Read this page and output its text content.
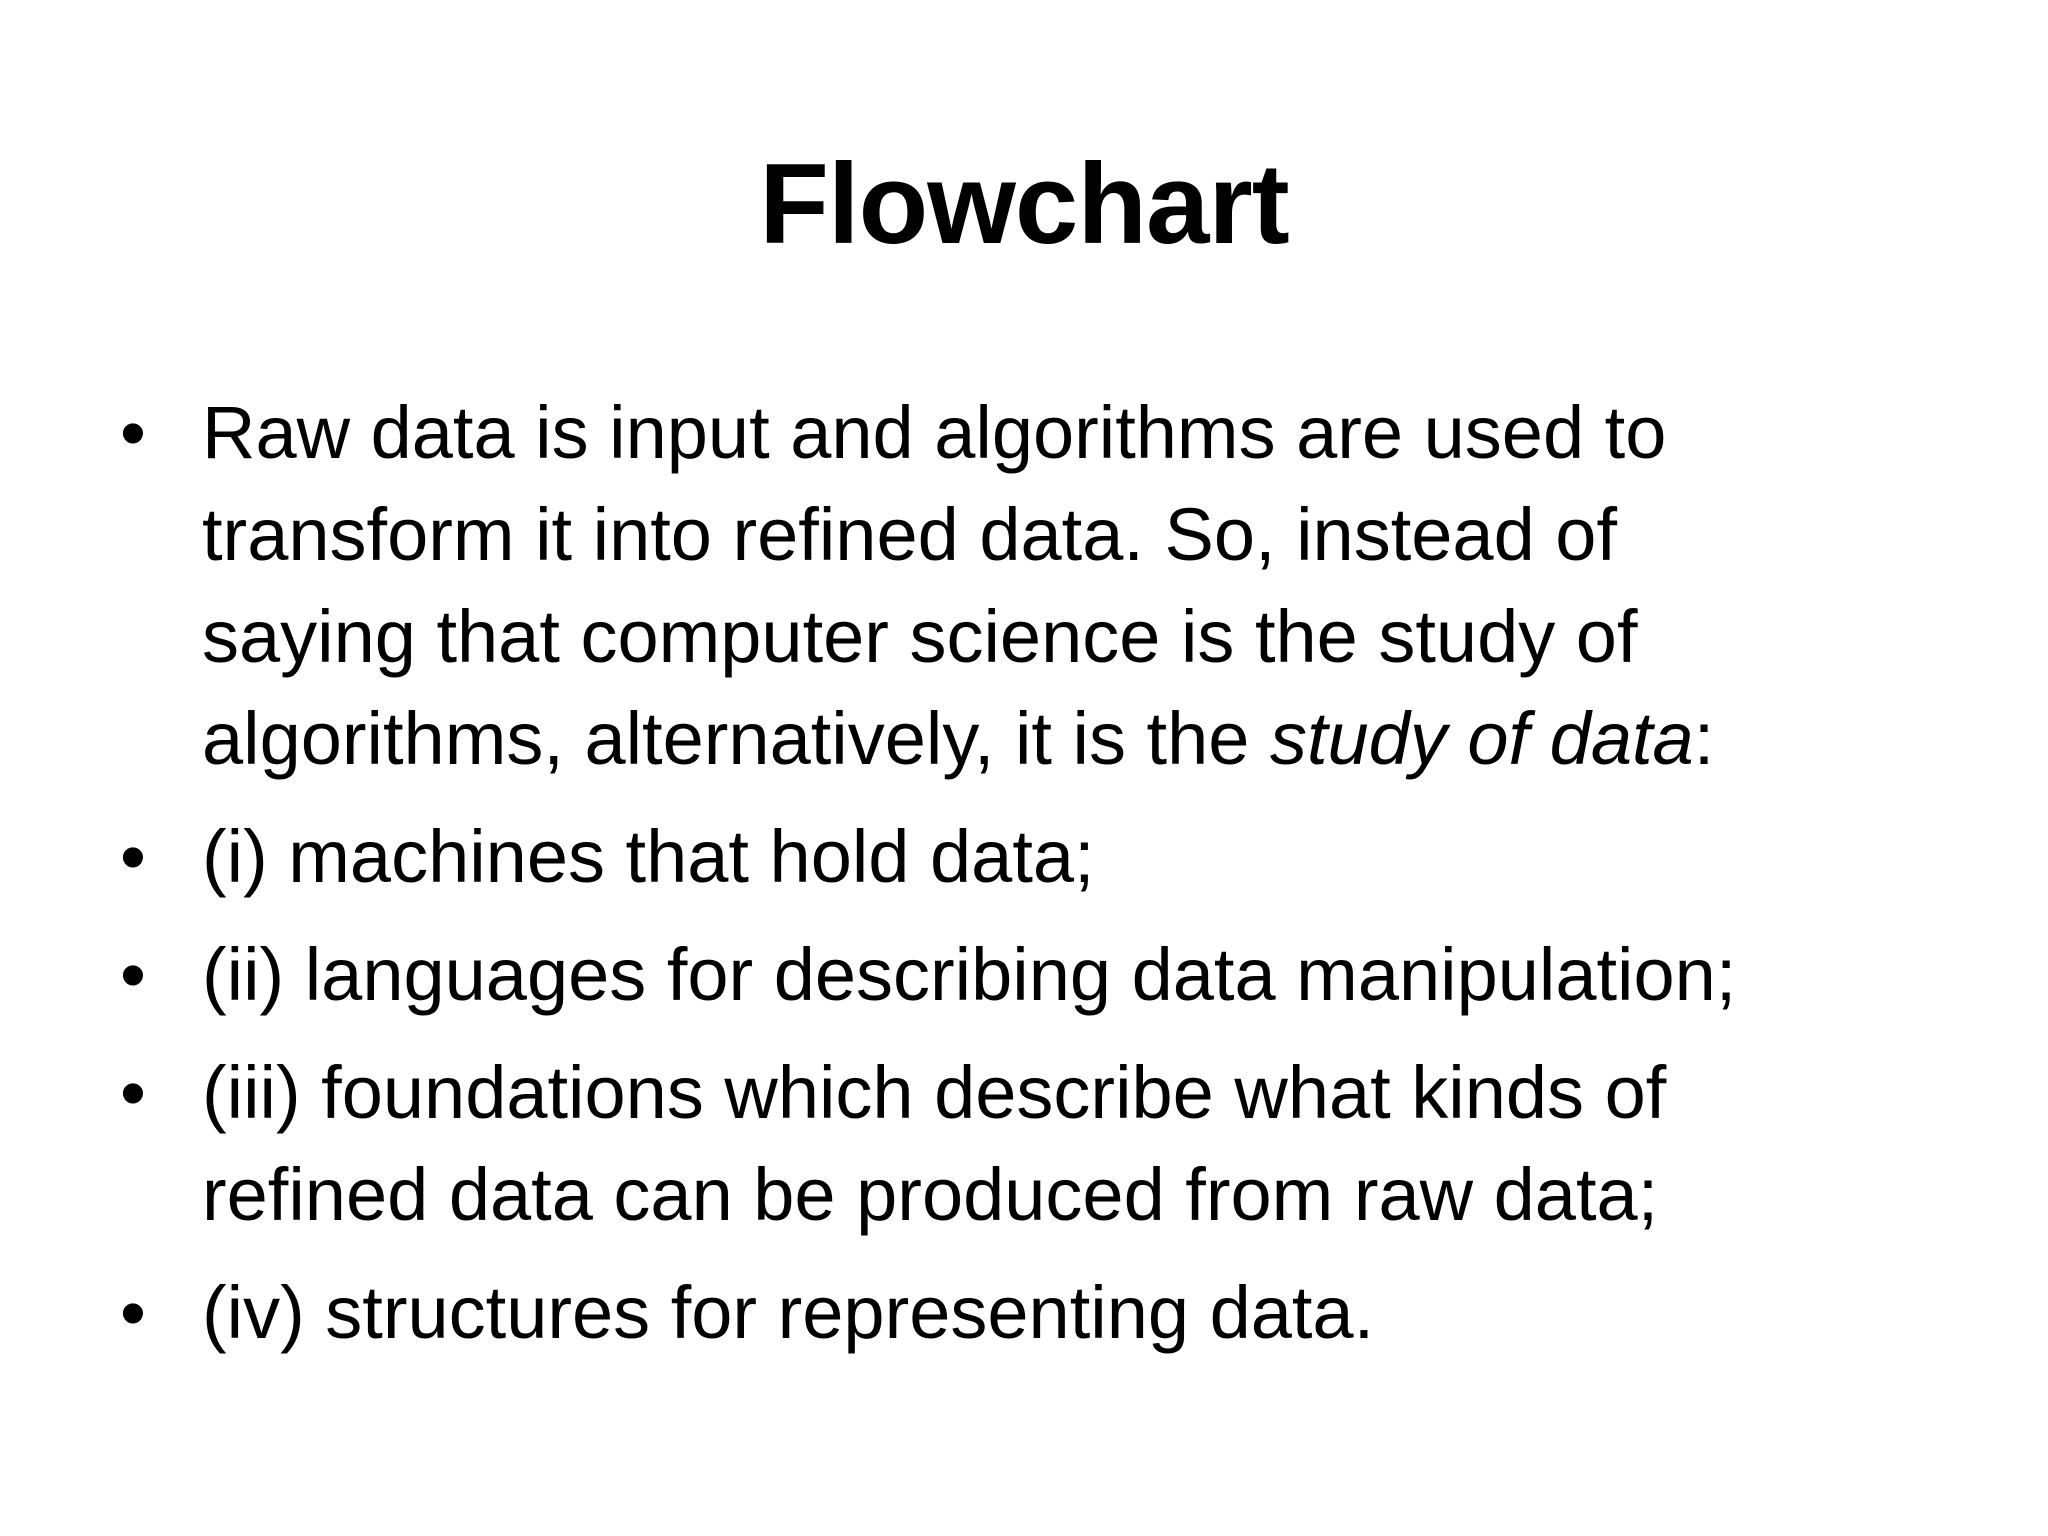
Flowchart
• Raw data is input and algorithms are used to
transform it into refined data. So, instead of
saying that computer science is the study of
algorithms, alternatively, it is the study of data:
• (i) machines that hold data;
• (ii) languages for describing data manipulation;
• (iii) foundations which describe what kinds of
refined data can be produced from raw data;
• (iv) structures for representing data.
